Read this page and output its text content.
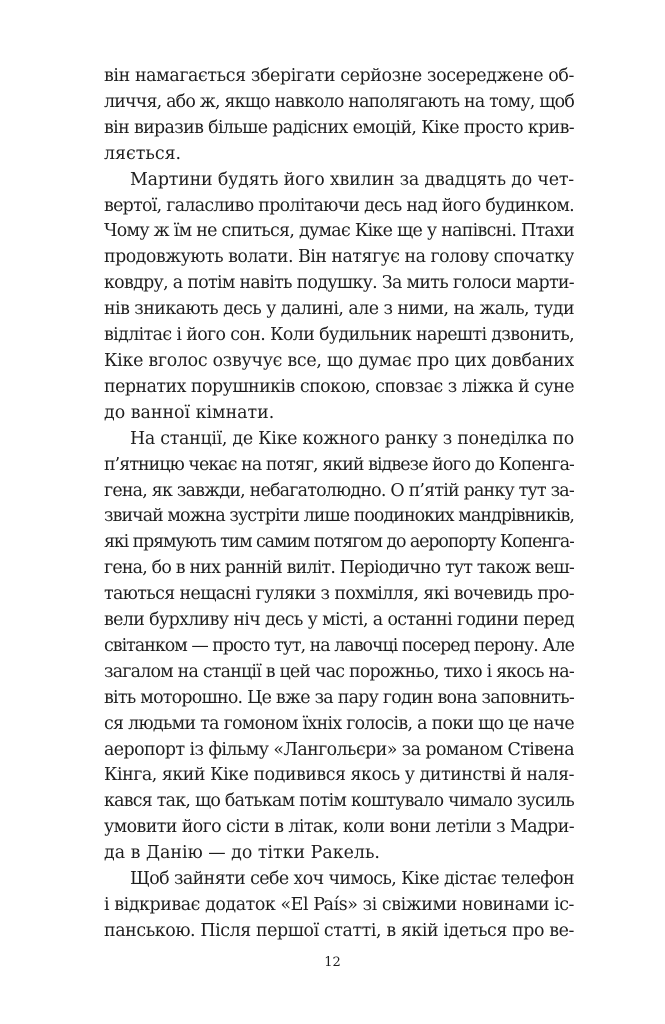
він намагається зберігати серйозне зосереджене об-
личчя, або ж, якщо навколо наполягають на тому, щоб
він виразив більше радісних емоцій, Кіке просто крив-
ляється.
Мартини будять його хвилин за двадцять до чет-
вертої, галасливо пролітаючи десь над його будинком.
Чому ж їм не спиться, думає Кіке ще у напівсні. Птахи
продовжують волати. Він натягує на голову спочатку
ковдру, а потім навіть подушку. За мить голоси марти-
нів зникають десь у далині, але з ними, на жаль, туди
відлітає і його сон. Коли будильник нарешті дзвонить,
Кіке вголос озвучує все, що думає про цих довбаних
пернатих порушників спокою, сповзає з ліжка й суне
до ванної кімнати.
На станції, де Кіке кожного ранку з понеділка по
п’ятницю чекає на потяг, який відвезе його до Копенга-
гена, як завжди, небагатолюдно. О п’ятій ранку тут за-
звичай можна зустріти лише поодиноких мандрівників,
які прямують тим самим потягом до аеропорту Копенга-
гена, бо в них ранній виліт. Періодично тут також веш-
таються нещасні гуляки з похмілля, які вочевидь про-
вели бурхливу ніч десь у місті, а останні години перед
світанком — просто тут, на лавочці посеред перону. Але
загалом на станції в цей час порожньо, тихо і якось на-
віть моторошно. Це вже за пару годин вона заповнить-
ся людьми та гомоном їхніх голосів, а поки що це наче
аеропорт із фільму «Лангольєри» за романом Стівена
Кінга, який Кіке подивився якось у дитинстві й наля-
кався так, що батькам потім коштувало чимало зусиль
умовити його сісти в літак, коли вони летіли з Мадри-
да в Данію — до тітки Ракель.
Щоб зайняти себе хоч чимось, Кіке дістає телефон
і відкриває додаток «El País» зі свіжими новинами іс-
панською. Після першої статті, в якій ідеться про ве-
12
